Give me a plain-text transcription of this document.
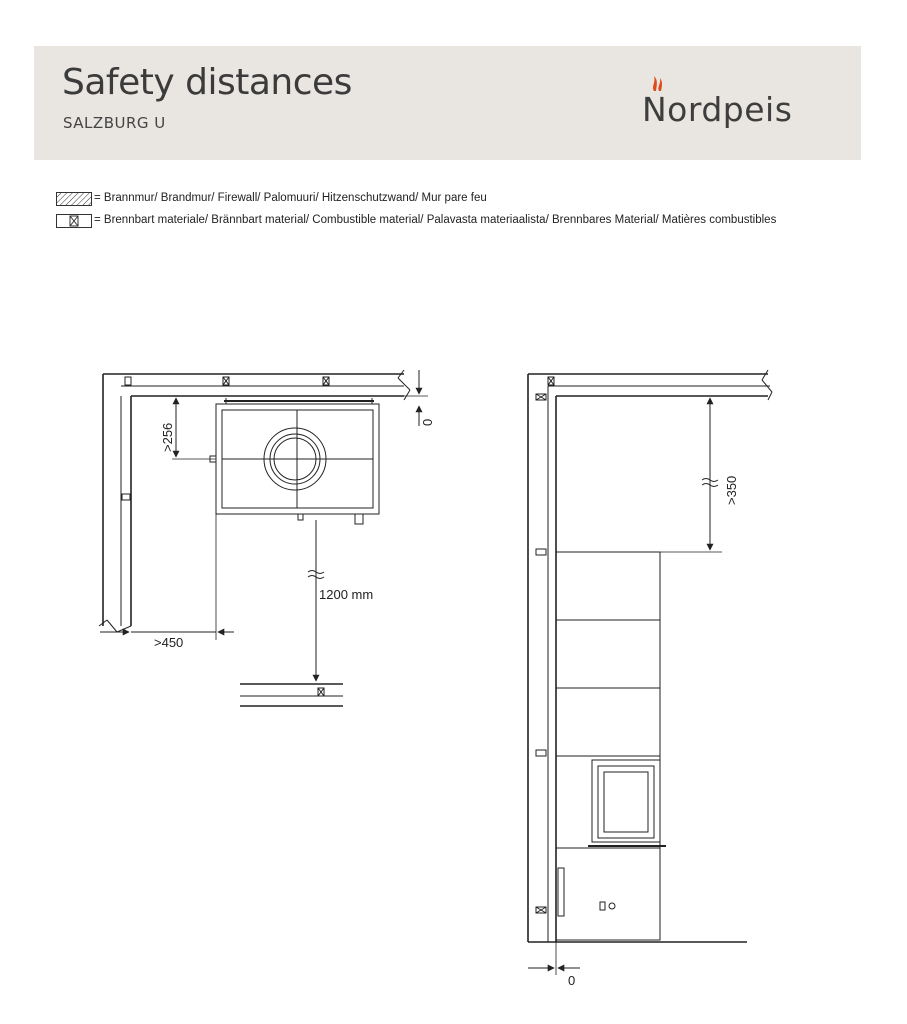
Safety distances
SALZBURG U	Nordpeis
= Brannmur/ Brandmur/ Firewall/ Palomuuri/ Hitzenschutzwand/ Mur pare feu
= Brennbart materiale/ Brännbart material/ Combustible material/ Palavasta materiaalista/ Brennbares Material/ Matières combustibles
>256
0
1200 mm
>450
>350
0
